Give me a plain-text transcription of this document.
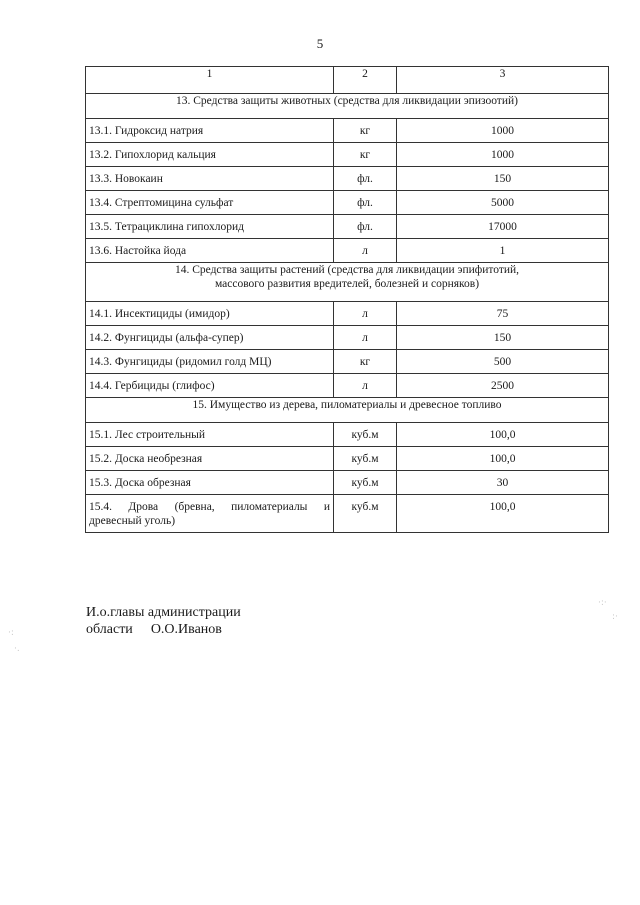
5
1	2	3
13. Средства защиты животных (средства для ликвидации эпизоотий)		
13.1. Гидроксид натрия	кг	1000
13.2. Гипохлорид кальция	кг	1000
13.3. Новокаин	фл.	150
13.4. Стрептомицина сульфат	фл.	5000
13.5. Тетрациклина гипохлорид	фл.	17000
13.6. Настойка йода	л	1
14. Средства защиты растений (средства для ликвидации эпифитотий,
массового развития вредителей, болезней и сорняков)		
14.1. Инсектициды (имидор)	л	75
14.2. Фунгициды (альфа-супер)	л	150
14.3. Фунгициды (ридомил голд МЦ)	кг	500
14.4. Гербициды (глифос)	л	2500
15. Имущество из дерева, пиломатериалы и древесное топливо		
15.1. Лес строительный	куб.м	100,0
15.2. Доска необрезная	куб.м	100,0
15.3. Доска обрезная	куб.м	30
15.4. Дрова (бревна, пиломатериалы и древесный уголь)	куб.м	100,0
И.о.главы администрации
области О.О.Иванов
·:·
:·
·:
·.
